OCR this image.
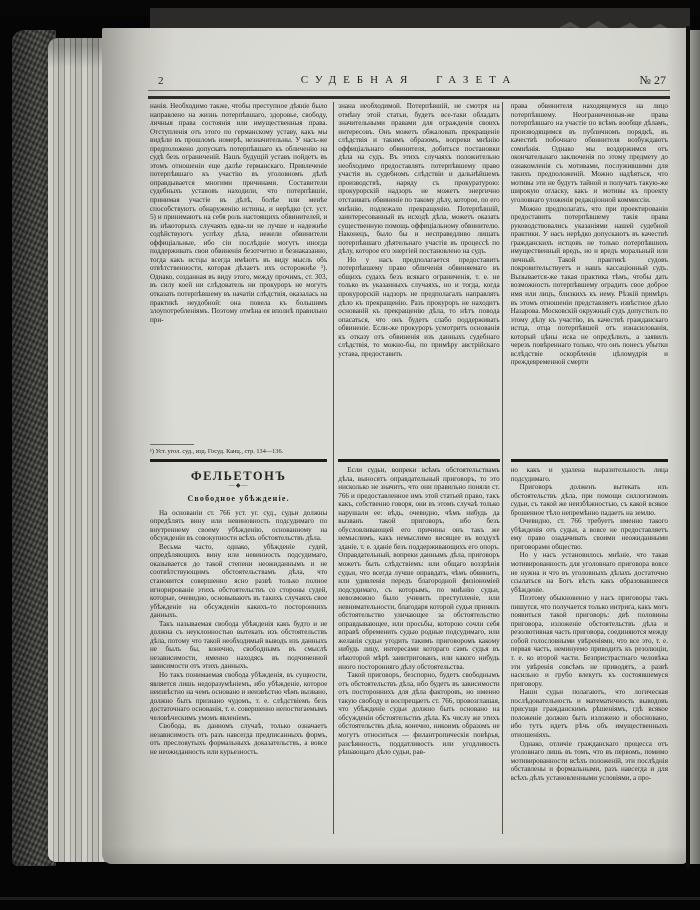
2	СУДЕБНАЯ ГАЗЕТА	№ 27

нанія. Необходимо также, чтобы преступное дѣяніе было направлено на жизнь потерпѣвшаго, здоровье, свободу, личныя права состоянія или имущественныя права. Отступленія отъ этого по германскому уставу, какъ мы видѣли въ прошломъ номерѣ, незначительны. У насъ-же предположено допускать потерпѣвшаго къ обличенію на судѣ безъ ограниченій. Нашъ будущій уставъ пойдетъ въ этомъ отношеніи еще далѣе германскаго. Привлеченіе потерпѣвшаго къ участію въ уголовномъ дѣлѣ оправдывается многими причинами. Составители судебныхъ уставовъ находили, что потерпѣвшіе, принимая участіе въ дѣлѣ, болѣе или менѣе способствуютъ обнаруженію истины, и нерѣдко (ст. уст. 5) и принимаютъ на себя роль настоящихъ обвинителей, и въ нѣкоторыхъ случаяхъ едва-ли не лучше и надежнѣе содѣйствуютъ успѣху дѣла, нежели обвинители оффиціальные, ибо сіи послѣдніе могутъ иногда поддерживать свои обвиненія безотчетно и безнаказанно, тогда какъ истцы всегда имѣютъ въ виду мысль объ отвѣтственности, которая дѣлаетъ ихъ осторожнѣе ¹). Однако, созданная въ виду этого, между прочимъ, ст. 303, въ силу коей ни слѣдователь ни прокуроръ не могутъ отказать потерпѣвшему въ начатіи слѣдствія, оказалась на практикѣ неудобной: она повела къ большимъ злоупотребленіямъ. Поэтому отмѣна ея вполнѣ правильно при-

¹) Уст. угол. суд., изд. Госуд. Канц., стр. 134—136.
ФЕЛЬЕТОНЪ
—◆—
Свободное убѣжденіе.

На основаніи ст. 766 уст. уг. суд., судьи должны опредѣлять вину или невиновность подсудимаго по внутреннему своему убѣжденію, основанному на обсужденіи въ совокупности всѣхъ обстоятельствъ дѣла.

Весьма часто, однако, убѣжденіе судей, опредѣляющихъ вину или невинность подсудимаго, оказывается до такой степени неожиданнымъ и не соотвѣтствующимъ обстоятельствамъ дѣла, что становится совершенно ясно развѣ только полное игнорированіе этихъ обстоятельствъ со стороны судей, которые, очевидно, основываютъ въ такихъ случаяхъ свое убѣжденіе на обсужденіи какихъ-то постороннихъ данныхъ.

Такъ называемая свобода убѣжденія какъ будто и не должна съ неуклонностью вытекать изъ обстоятельствъ дѣла, потому что такой необходимый выводъ изъ данныхъ не былъ бы, конечно, свободнымъ въ смыслѣ независимости, именно находясь въ подчиненной зависимости отъ этихъ данныхъ.

Но такъ понимаемая свобода убѣжденія, въ сущности, является лишь недоразумѣніемъ, ибо убѣжденіе, которое неизвѣстно на чемъ основано и неизвѣстно чѣмъ вызвано, должно быть признано чудомъ, т. е. слѣдствіемъ безъ достаточнаго основанія, т. е. совершенно непостигаемымъ человѣческимъ умомъ явленіемъ.

Свобода, въ данномъ случаѣ, только означаетъ независимость отъ разъ навсегда предписанныхъ формъ, отъ пресловутыхъ формальныхъ доказательствъ, а вовсе не неожиданность или курьезность.

знана необходимой. Потерпѣвшій, не смотря на отмѣну этой статьи, будетъ все-таки обладать значительными правами для огражденія своихъ интересовъ. Онъ можетъ обжаловать прекращеніе слѣдствія и такимъ образомъ, вопреки мнѣнію оффиціальнаго обвинителя, добиться постановки дѣла на судъ. Въ этихъ случаяхъ положительно необходимо предоставлять потерпѣвшему право участія въ судебномъ слѣдствіи и дальнѣйшемъ производствѣ, наряду съ прокуратурою: прокурорскій надзоръ не можетъ энергично отстаивать обвиненіе по такому дѣлу, которое, по его мнѣнію, подлежало прекращенію. Потерпѣвшій, заинтересованный въ исходѣ дѣла, можетъ оказать существенную помощь оффиціальному обвинителю. Наконецъ, было бы и несправедливо лишать потерпѣвшаго дѣятельнаго участія въ процессѣ по дѣлу, которое его энергіей постановлено на судъ.

Но у насъ предполагается предоставить потерпѣвшему право обличенія обвиняемаго въ общихъ судахъ безъ всякаго ограниченія, т. е. не только въ указанныхъ случаяхъ, но и тогда, когда прокурорскій надзоръ не предполагалъ направлять дѣло къ прекращенію. Разъ прокуроръ не находитъ основаній къ прекращенію дѣла, то нѣтъ повода опасаться, что онъ будетъ слабо поддерживать обвиненіе. Если-же прокуроръ усмотритъ основанія къ отказу отъ обвиненія изъ данныхъ судебнаго слѣдствія, то можно-бы, по примѣру австрійскаго устава, предоставить

Если судьи, вопреки всѣмъ обстоятельствамъ дѣла, выносятъ оправдательный приговоръ, то это нисколько не значитъ, что они правильно поняли ст. 766 и предоставленное имъ этой статьей право, такъ какъ, собственно говоря, они въ этомъ случаѣ только нарушали ее: вѣдь, очевидно, чѣмъ нибудь да вызванъ такой приговоръ, ибо безъ обусловливающей его причины онъ такъ же немыслимъ, какъ немыслимо висящее въ воздухѣ зданіе, т. е. зданіе безъ поддерживающихъ его опоръ. Оправдательный, вопреки даннымъ дѣла, приговоръ можетъ быть слѣдствіемъ: или общаго воззрѣнія судьи, что всегда лучше оправдать, чѣмъ обвинить, или удивленія передъ благородной физіономіей подсудимаго, съ которымъ, по мнѣнію судьи, невозможно было учинить преступленіе, или невнимательности, благодаря которой судья принялъ обстоятельство уличающее за обстоятельство оправдывающее, или просьбы, которою сочли себя вправѣ обременить судью родные подсудимаго, или желанія судьи угодить такимъ приговоромъ какому нибудь лицу, интересами котораго самъ судья въ нѣкоторой мѣрѣ заинтригованъ, или какого нибудь иного посторонняго дѣлу обстоятельства.

Такой приговоръ, безспорно, будетъ свободнымъ отъ обстоятельствъ дѣла, ибо будетъ въ зависимости отъ постороннихъ для дѣла факторовъ, но именно такую свободу и воспрещаетъ ст. 766, провозглашая, что убѣжденіе судьи должно быть основано на обсужденіи обстоятельствъ дѣла. Къ числу же этихъ обстоятельствъ дѣла, конечно, никоимъ образомъ не могутъ относиться — филантропическія повѣрья, разсѣянность, поддатливость или угодливость рѣшающаго дѣло судьи, рав-

права обвинителя находящемуся на лицо потерпѣвшему. Неограниченныя-же права потерпѣвшаго на участіе по всѣмъ вообще дѣламъ, производящимся въ публичномъ порядкѣ, въ качествѣ побочнаго обвинителя возбуждаютъ сомнѣнія. Однако мы воздержимся отъ окончательнаго заключенія по этому предмету до ознакомленія съ мотивами, послужившими для такихъ предположеній. Можно надѣяться, что мотивы эти не будутъ тайной и получатъ такую-же широкую огласку, какъ и мотивы къ проекту уголовнаго уложенія редакціонной коммиссіи.

Можно предполагать, что при проектированіи предоставить потерпѣвшему такія права руководствовались указаніями нашей судебной практики. У насъ нерѣдко допускаютъ въ качествѣ гражданскихъ истцовъ не только потерпѣвшихъ имущественный вредъ, но и вредъ моральный или личный. Такой практикѣ судовъ покровительствуетъ и нашъ кассаціонный судъ. Вызывается-же такая практика тѣмъ, чтобы дать возможность потерпѣвшему оградить свое доброе имя или лицъ, близкихъ къ нему. Рѣзкій примѣръ въ этомъ отношеніи представляетъ извѣстное дѣло Назарова. Московскій окружный судъ допустилъ по этому дѣлу къ участію, въ качествѣ гражданскаго истца, отца потерпѣвшей отъ изнасилованія, который цѣны иска не опредѣлилъ, а заявилъ черезъ повѣреннаго только, что онъ понесъ убытки вслѣдствіе оскорбленія цѣломудрія и преждевременной смерти

но какъ и удалена выразительность лица подсудимаго.

Приговоръ долженъ вытекать изъ обстоятельствъ дѣла, при помощи силлогизмовъ судьи, съ такой же неизбѣжностью, съ какой всякое брошенное тѣло непремѣнно падаетъ на землю.

Очевидно, ст. 766 требуетъ именно такого убѣжденія отъ судьи, а вовсе не предоставляетъ ему право озадачивать своими неожиданными приговорами общество.

Но у насъ установилось мнѣніе, что такая мотивированность для уголовнаго приговора вовсе не нужна и что въ уголовныхъ дѣлахъ достаточно ссылаться на Богъ вѣсть какъ образовавшееся убѣжденіе.

Поэтому обыкновенно у насъ приговоры такъ пишутся, что получается только интрига, какъ могъ появиться такой приговоръ: двѣ половины приговора, изложеніе обстоятельствъ дѣла и резолютивная часть приговора, соединяются между собой голословными увѣреніями, что все это, т. е. первая часть, неминуемо приводитъ къ резолюціи, т. е. ко второй части. Безпристрастнаго человѣка эти увѣренія совсѣмъ не приводятъ, а развѣ насильно и грубо влекутъ къ состоявшемуся приговору.

Наши судьи полагаютъ, что логическая послѣдовательность и математичность выводовъ присущи гражданскимъ рѣшеніямъ, гдѣ всякое положеніе должно быть изложено и обосновано, ибо тутъ идетъ рѣчь объ имущественныхъ отношеніяхъ.

Однако, отличіе гражданскаго процесса отъ уголовнаго лишь въ томъ, что въ первомъ, помимо мотивированности всѣхъ положеній, эти послѣднія обставлены и формальными, разъ навсегда и для всѣхъ дѣлъ установленными условіями, а про-
